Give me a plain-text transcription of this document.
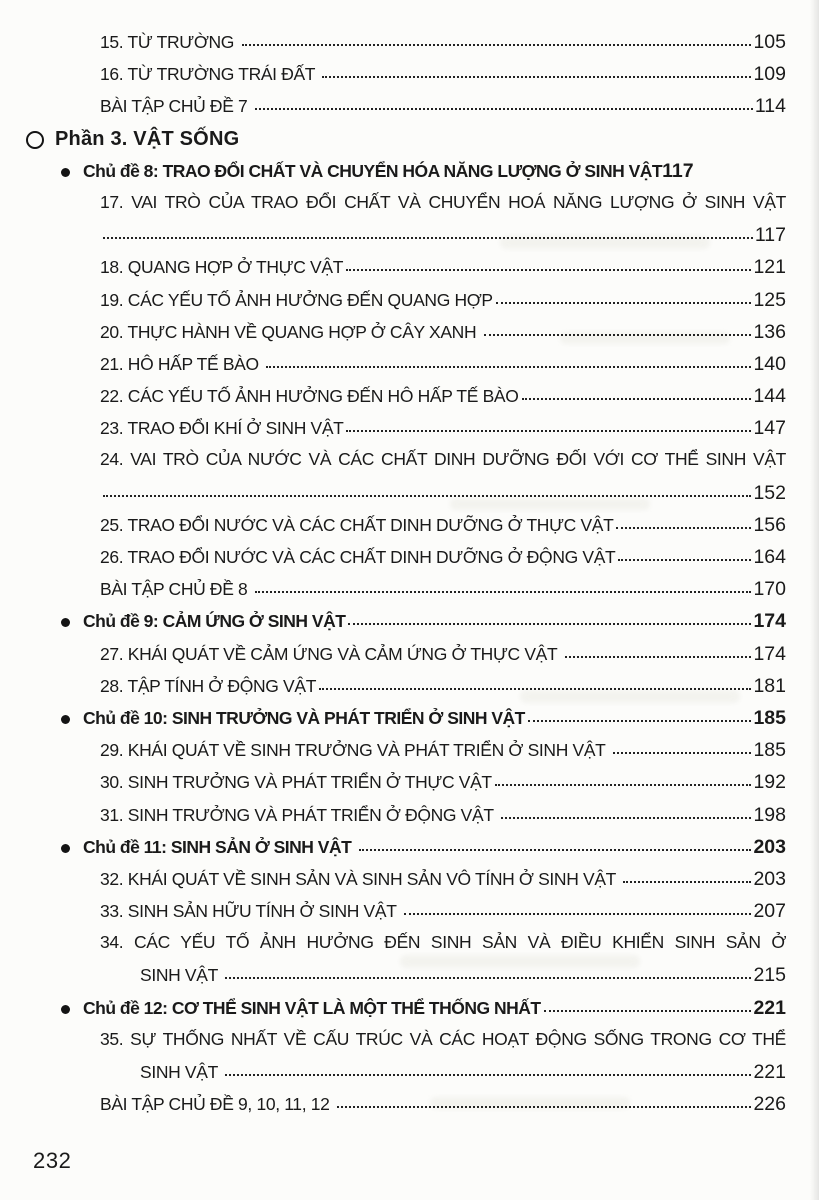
15. TỪ TRƯỜNG	105
16. TỪ TRƯỜNG TRÁI ĐẤT	109
BÀI TẬP CHỦ ĐỀ 7	114
Phần 3. VẬT SỐNG
Chủ đề 8: TRAO ĐỔI CHẤT VÀ CHUYỂN HÓA NĂNG LƯỢNG Ở SINH VẬT 117
17. VAI TRÒ CỦA TRAO ĐỔI CHẤT VÀ CHUYỂN HOÁ NĂNG LƯỢNG Ở SINH VẬT
117
18. QUANG HỢP Ở THỰC VẬT	121
19. CÁC YẾU TỐ ẢNH HƯỞNG ĐẾN QUANG HỢP	125
20. THỰC HÀNH VỀ QUANG HỢP Ở CÂY XANH	136
21. HÔ HẤP TẾ BÀO	140
22. CÁC YẾU TỐ ẢNH HƯỞNG ĐẾN HÔ HẤP TẾ BÀO	144
23. TRAO ĐỔI KHÍ Ở SINH VẬT	147
24. VAI TRÒ CỦA NƯỚC VÀ CÁC CHẤT DINH DƯỠNG ĐỐI VỚI CƠ THỂ SINH VẬT
152
25. TRAO ĐỔI NƯỚC VÀ CÁC CHẤT DINH DƯỠNG Ở THỰC VẬT	156
26. TRAO ĐỔI NƯỚC VÀ CÁC CHẤT DINH DƯỠNG Ở ĐỘNG VẬT	164
BÀI TẬP CHỦ ĐỀ 8	170
Chủ đề 9: CẢM ỨNG Ở SINH VẬT	174
27. KHÁI QUÁT VỀ CẢM ỨNG VÀ CẢM ỨNG Ở THỰC VẬT	174
28. TẬP TÍNH Ở ĐỘNG VẬT	181
Chủ đề 10: SINH TRƯỞNG VÀ PHÁT TRIỂN Ở SINH VẬT	185
29. KHÁI QUÁT VỀ SINH TRƯỞNG VÀ PHÁT TRIỂN Ở SINH VẬT	185
30. SINH TRƯỞNG VÀ PHÁT TRIỂN Ở THỰC VẬT	192
31. SINH TRƯỞNG VÀ PHÁT TRIỂN Ở ĐỘNG VẬT	198
Chủ đề 11: SINH SẢN Ở SINH VẬT	203
32. KHÁI QUÁT VỀ SINH SẢN VÀ SINH SẢN VÔ TÍNH Ở SINH VẬT	203
33. SINH SẢN HỮU TÍNH Ở SINH VẬT	207
34. CÁC YẾU TỐ ẢNH HƯỞNG ĐẾN SINH SẢN VÀ ĐIỀU KHIỂN SINH SẢN Ở
SINH VẬT	215
Chủ đề 12: CƠ THỂ SINH VẬT LÀ MỘT THỂ THỐNG NHẤT	221
35. SỰ THỐNG NHẤT VỀ CẤU TRÚC VÀ CÁC HOẠT ĐỘNG SỐNG TRONG CƠ THỂ
SINH VẬT	221
BÀI TẬP CHỦ ĐỀ 9, 10, 11, 12	226
232
